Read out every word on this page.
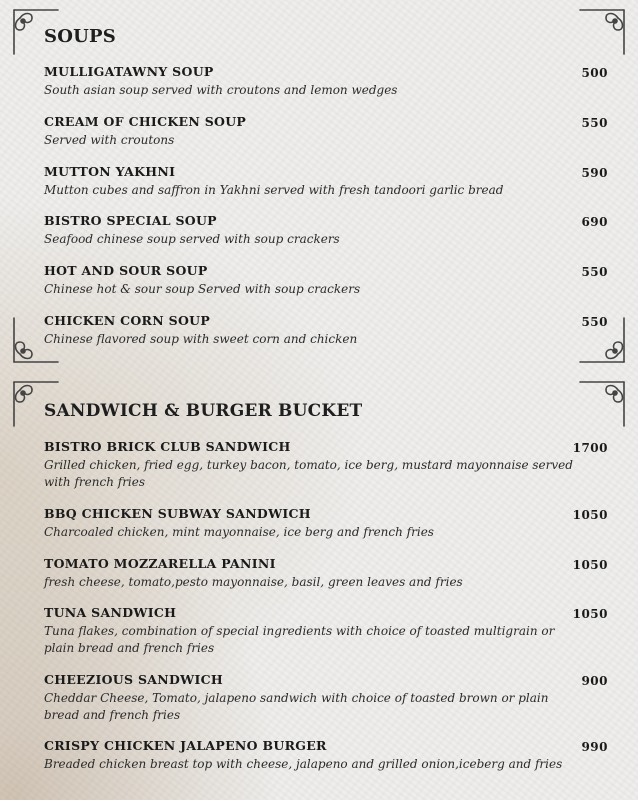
SOUPS
MULLIGATAWNY SOUP
South asian soup served with croutons and lemon wedges
500
CREAM OF CHICKEN SOUP
Served with croutons
550
MUTTON YAKHNI
Mutton cubes and saffron in Yakhni served with fresh tandoori garlic bread
590
BISTRO SPECIAL SOUP
Seafood chinese soup served with soup crackers
690
HOT AND SOUR SOUP
Chinese hot & sour soup Served with soup crackers
550
CHICKEN CORN SOUP
Chinese flavored soup with sweet corn and chicken
550
SANDWICH & BURGER BUCKET
BISTRO BRICK CLUB SANDWICH
Grilled chicken, fried egg, turkey bacon, tomato, ice berg, mustard mayonnaise served with french fries
1700
BBQ CHICKEN SUBWAY SANDWICH
Charcoaled chicken, mint mayonnaise, ice berg and french fries
1050
TOMATO MOZZARELLA PANINI
fresh cheese, tomato,pesto mayonnaise, basil, green leaves and fries
1050
TUNA SANDWICH
Tuna flakes, combination of special ingredients with choice of toasted multigrain or plain bread and french fries
1050
CHEEZIOUS SANDWICH
Cheddar Cheese, Tomato, jalapeno sandwich with choice of toasted brown or plain bread and french fries
900
CRISPY CHICKEN JALAPENO BURGER
Breaded chicken breast top with cheese, jalapeno and grilled onion,iceberg and fries
990
